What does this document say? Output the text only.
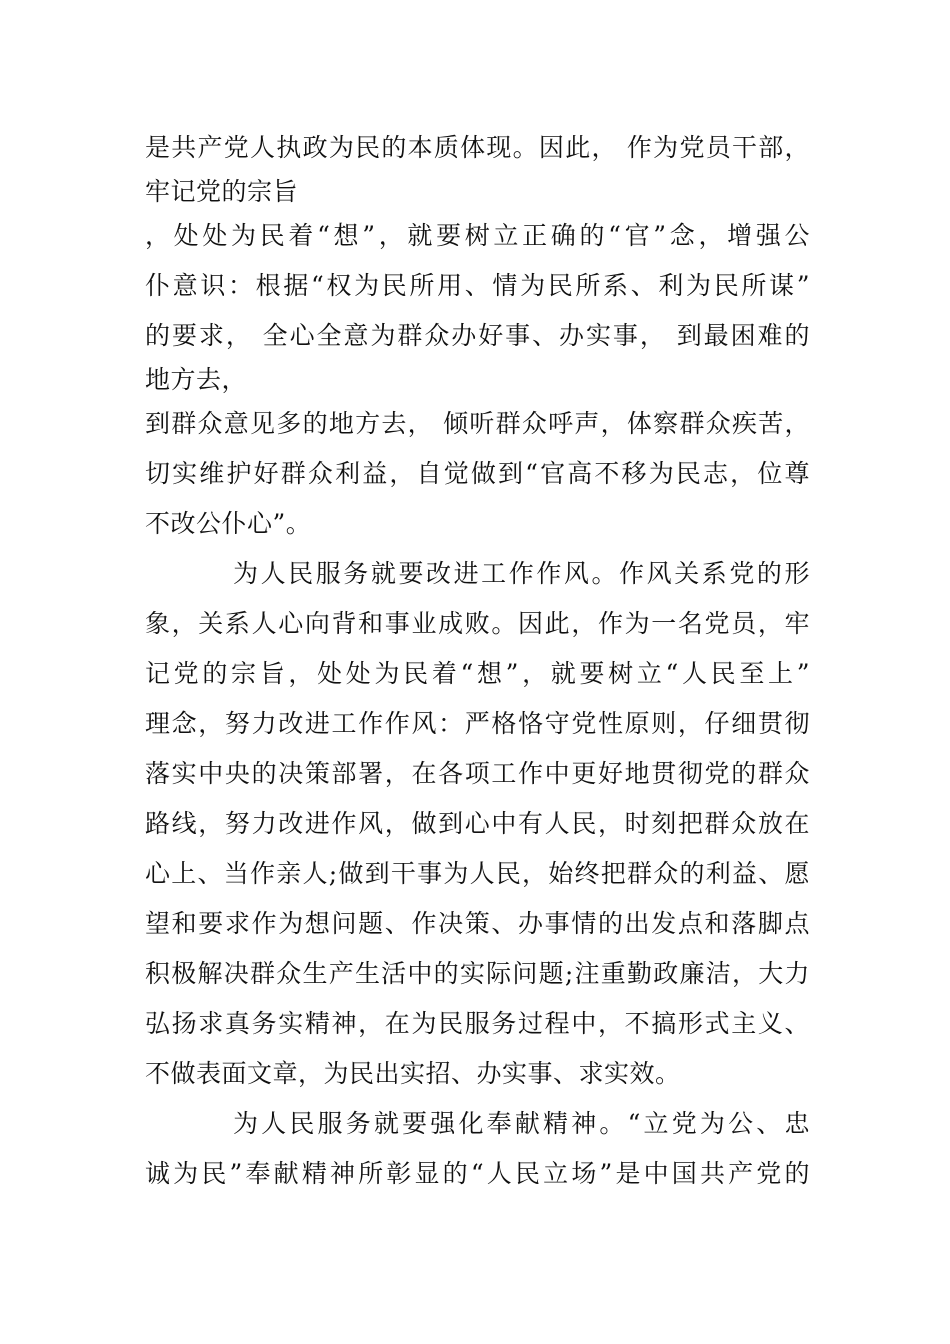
是共产党人执政为民的本质体现。因此， 作为党员干部，
牢记党的宗旨
，处处为民着“想”，就要树立正确的“官”念，增强公
仆意识：根据“权为民所用、情为民所系、利为民所谋”
的要求， 全心全意为群众办好事、办实事， 到最困难的
地方去，
到群众意见多的地方去， 倾听群众呼声，体察群众疾苦，
切实维护好群众利益，自觉做到“官高不移为民志，位尊
不改公仆心”。
为人民服务就要改进工作作风。作风关系党的形
象，关系人心向背和事业成败。因此，作为一名党员，牢
记党的宗旨，处处为民着“想”，就要树立“人民至上”
理念，努力改进工作作风：严格恪守党性原则，仔细贯彻
落实中央的决策部署，在各项工作中更好地贯彻党的群众
路线，努力改进作风，做到心中有人民，时刻把群众放在
心上、当作亲人;做到干事为人民，始终把群众的利益、愿
望和要求作为想问题、作决策、办事情的出发点和落脚点
积极解决群众生产生活中的实际问题;注重勤政廉洁，大力
弘扬求真务实精神，在为民服务过程中，不搞形式主义、
不做表面文章，为民出实招、办实事、求实效。
为人民服务就要强化奉献精神。“立党为公、忠
诚为民”奉献精神所彰显的“人民立场”是中国共产党的
